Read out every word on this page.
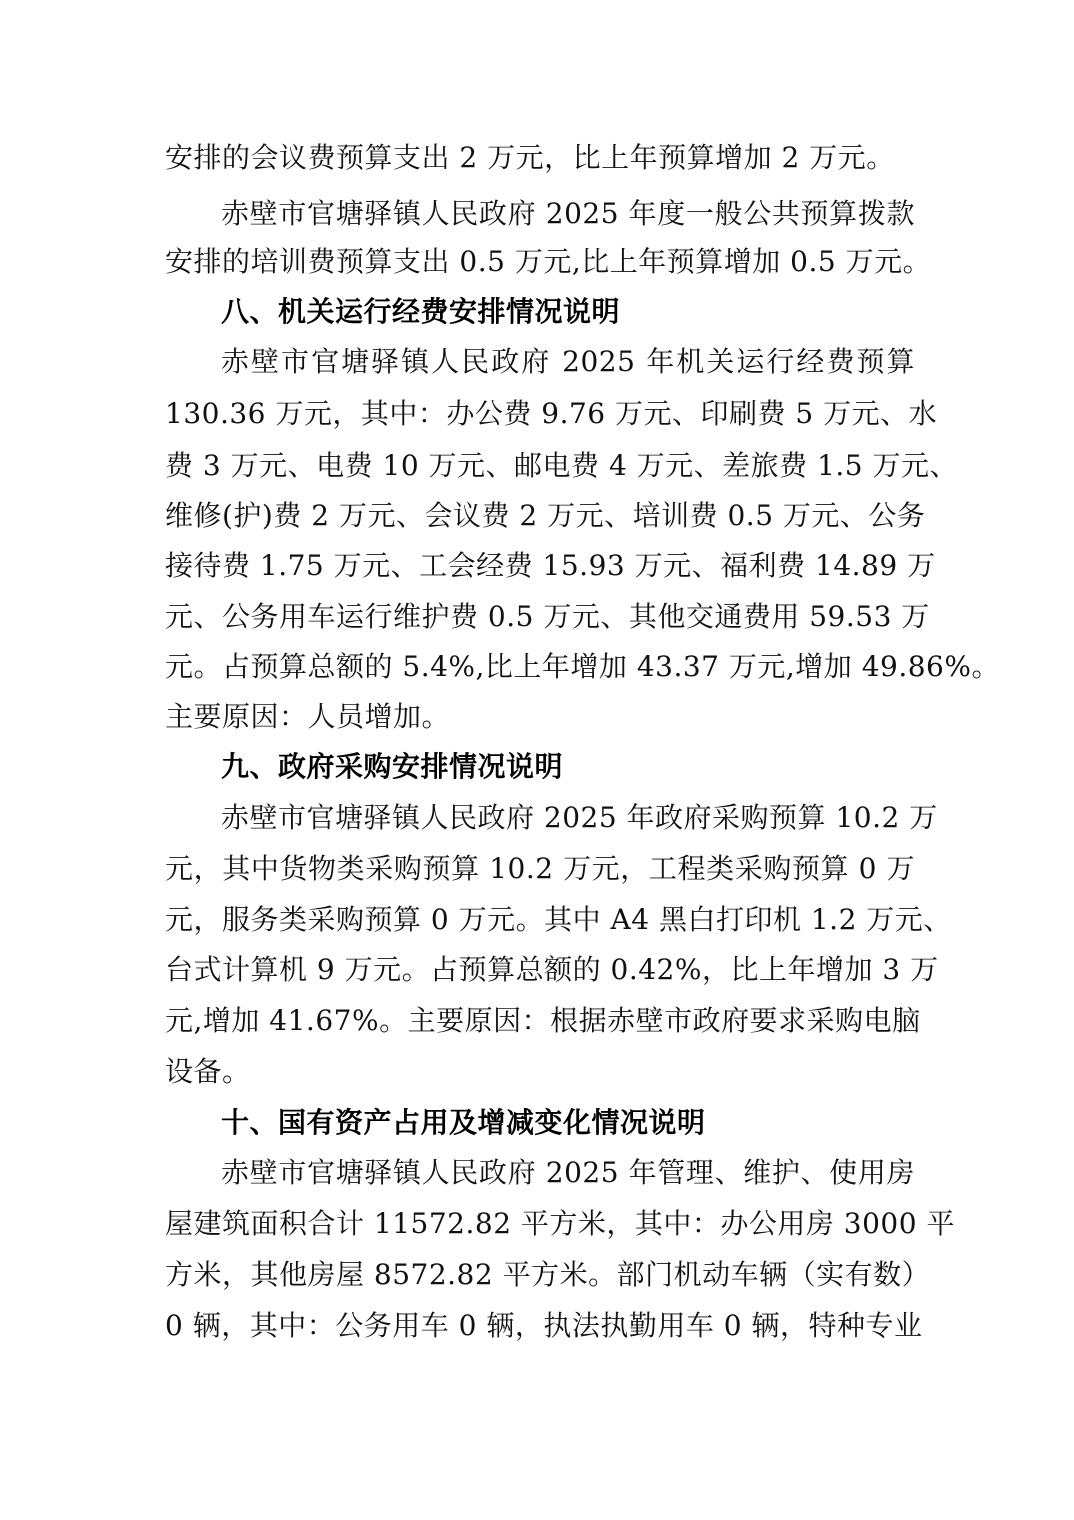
安排的会议费预算支出 2 万元，比上年预算增加 2 万元。
赤壁市官塘驿镇人民政府 2025 年度一般公共预算拨款
安排的培训费预算支出 0.5 万元,比上年预算增加 0.5 万元。
八、机关运行经费安排情况说明
赤壁市官塘驿镇人民政府 2025 年机关运行经费预算
130.36 万元，其中：办公费 9.76 万元、印刷费 5 万元、水
费 3 万元、电费 10 万元、邮电费 4 万元、差旅费 1.5 万元、
维修(护)费 2 万元、会议费 2 万元、培训费 0.5 万元、公务
接待费 1.75 万元、工会经费 15.93 万元、福利费 14.89 万
元、公务用车运行维护费 0.5 万元、其他交通费用 59.53 万
元。占预算总额的 5.4%,比上年增加 43.37 万元,增加 49.86%。
主要原因：人员增加。
九、政府采购安排情况说明
赤壁市官塘驿镇人民政府 2025 年政府采购预算 10.2 万
元，其中货物类采购预算 10.2 万元，工程类采购预算 0 万
元，服务类采购预算 0 万元。其中 A4 黑白打印机 1.2 万元、
台式计算机 9 万元。占预算总额的 0.42%，比上年增加 3 万
元,增加 41.67%。主要原因：根据赤壁市政府要求采购电脑
设备。
十、国有资产占用及增减变化情况说明
赤壁市官塘驿镇人民政府 2025 年管理、维护、使用房
屋建筑面积合计 11572.82 平方米，其中：办公用房 3000 平
方米，其他房屋 8572.82 平方米。部门机动车辆（实有数）
0 辆，其中：公务用车 0 辆，执法执勤用车 0 辆，特种专业
